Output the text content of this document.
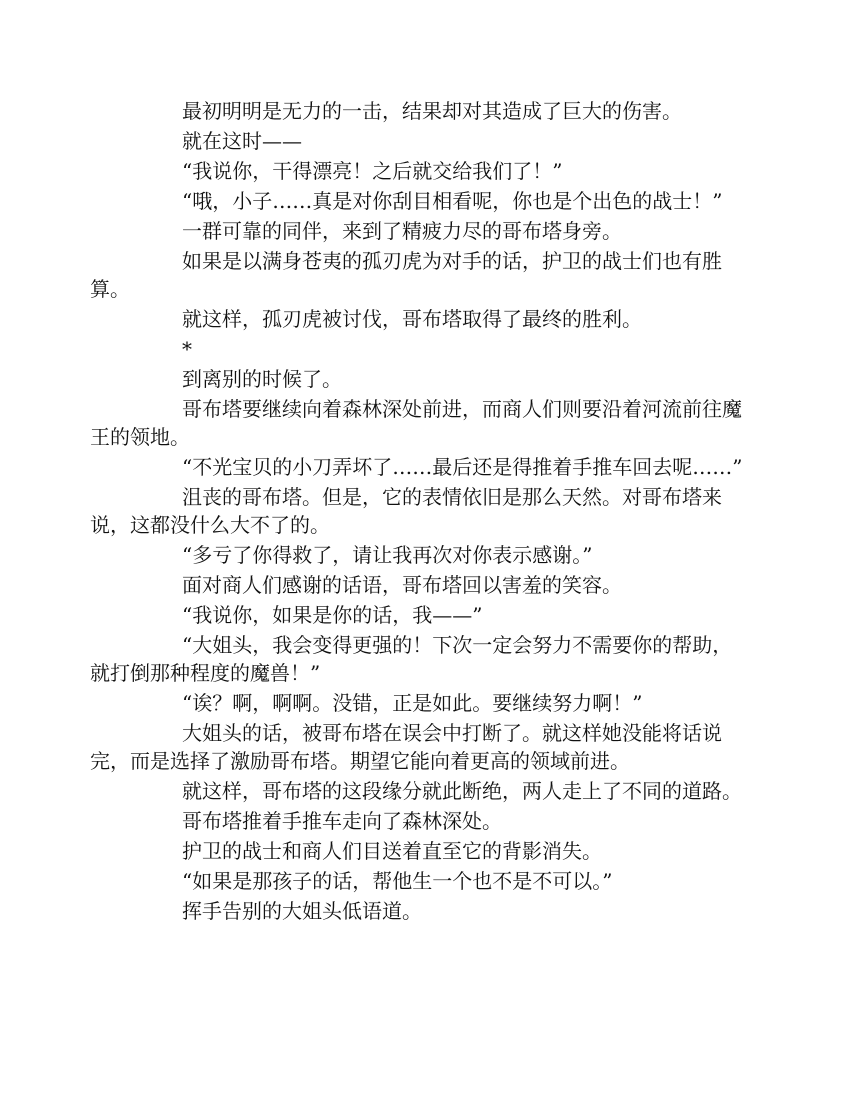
最初明明是无力的一击，结果却对其造成了巨大的伤害。

就在这时——

“我说你，干得漂亮！之后就交给我们了！”

“哦，小子……真是对你刮目相看呢，你也是个出色的战士！”

一群可靠的同伴，来到了精疲力尽的哥布塔身旁。

如果是以满身苍夷的孤刃虎为对手的话，护卫的战士们也有胜算。

就这样，孤刃虎被讨伐，哥布塔取得了最终的胜利。

*

到离别的时候了。

哥布塔要继续向着森林深处前进，而商人们则要沿着河流前往魔王的领地。

“不光宝贝的小刀弄坏了……最后还是得推着手推车回去呢……”

沮丧的哥布塔。但是，它的表情依旧是那么天然。对哥布塔来说，这都没什么大不了的。

“多亏了你得救了，请让我再次对你表示感谢。”

面对商人们感谢的话语，哥布塔回以害羞的笑容。

“我说你，如果是你的话，我——”

“大姐头，我会变得更强的！下次一定会努力不需要你的帮助，就打倒那种程度的魔兽！”

“诶？啊，啊啊。没错，正是如此。要继续努力啊！”

大姐头的话，被哥布塔在误会中打断了。就这样她没能将话说完，而是选择了激励哥布塔。期望它能向着更高的领域前进。

就这样，哥布塔的这段缘分就此断绝，两人走上了不同的道路。

哥布塔推着手推车走向了森林深处。

护卫的战士和商人们目送着直至它的背影消失。

“如果是那孩子的话，帮他生一个也不是不可以。”

挥手告别的大姐头低语道。
